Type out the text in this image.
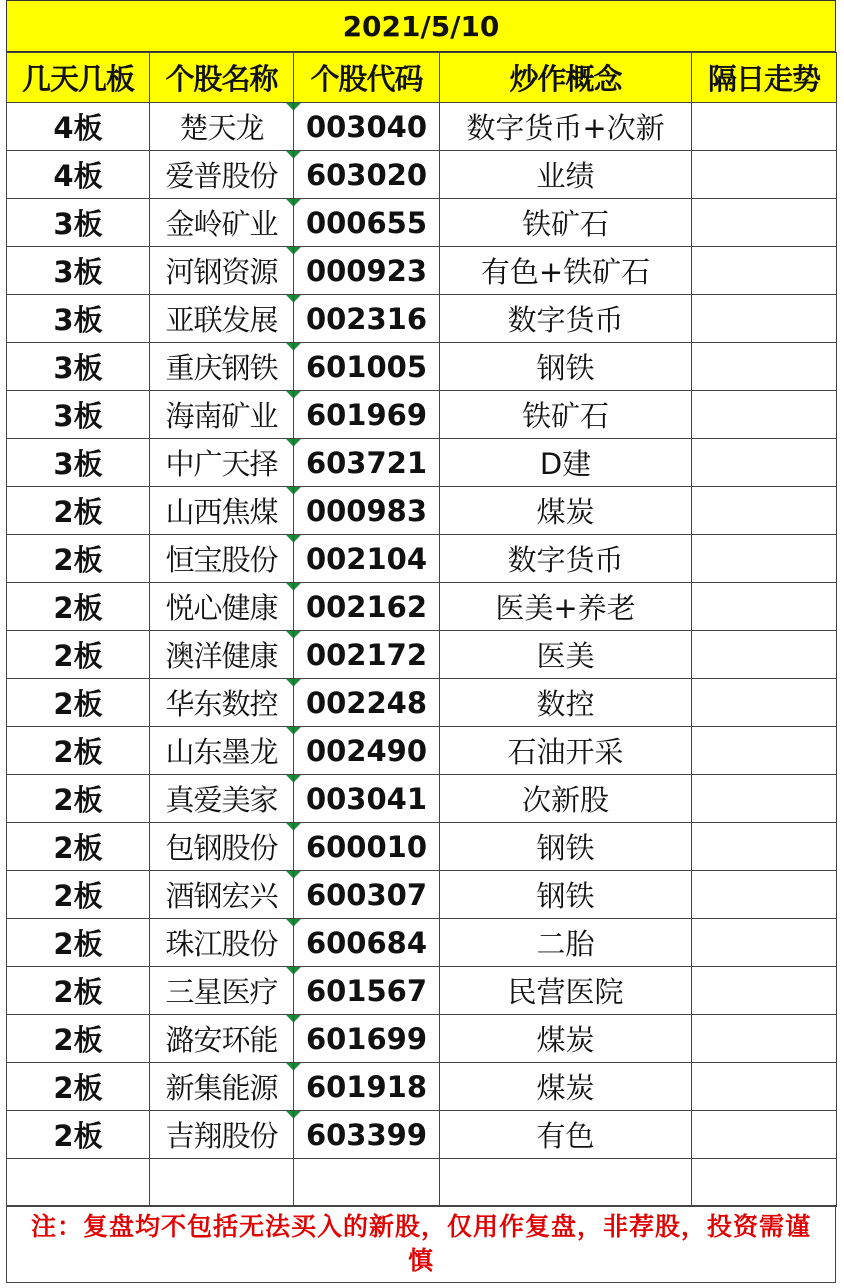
2021/5/10
几天几板	个股名称	个股代码	炒作概念	隔日走势
4板	楚天龙	003040	数字货币+次新	
4板	爱普股份	603020	业绩	
3板	金岭矿业	000655	铁矿石	
3板	河钢资源	000923	有色+铁矿石	
3板	亚联发展	002316	数字货币	
3板	重庆钢铁	601005	钢铁	
3板	海南矿业	601969	铁矿石	
3板	中广天择	603721	D建	
2板	山西焦煤	000983	煤炭	
2板	恒宝股份	002104	数字货币	
2板	悦心健康	002162	医美+养老	
2板	澳洋健康	002172	医美	
2板	华东数控	002248	数控	
2板	山东墨龙	002490	石油开采	
2板	真爱美家	003041	次新股	
2板	包钢股份	600010	钢铁	
2板	酒钢宏兴	600307	钢铁	
2板	珠江股份	600684	二胎	
2板	三星医疗	601567	民营医院	
2板	潞安环能	601699	煤炭	
2板	新集能源	601918	煤炭	
2板	吉翔股份	603399	有色	

注：复盘均不包括无法买入的新股，仅用作复盘，非荐股，投资需谨慎
